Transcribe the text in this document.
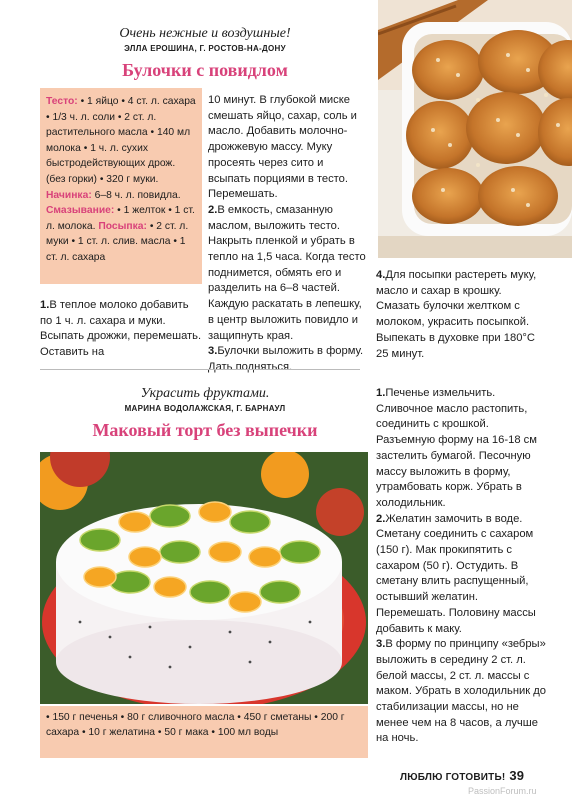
Очень нежные и воздушные!
ЭЛЛА ЕРОШИНА, Г. РОСТОВ-НА-ДОНУ
Булочки с повидлом
Тесто: • 1 яйцо • 4 ст. л. сахара • 1/3 ч. л. соли • 2 ст. л. растительного масла • 140 мл молока • 1 ч. л. сухих быстродействующих дрож. (без горки) • 320 г муки. Начинка: 6–8 ч. л. повидла. Смазывание: • 1 желток • 1 ст. л. молока. Посыпка: • 2 ст. л. муки • 1 ст. л. слив. масла • 1 ст. л. сахара
1.В теплое молоко добавить по 1 ч. л. сахара и муки. Всыпать дрожжи, перемешать. Оставить на
10 минут. В глубокой миске смешать яйцо, сахар, соль и масло. Добавить молочно-дрожжевую массу. Муку просеять через сито и всыпать порциями в тесто. Перемешать.
2.В емкость, смазанную маслом, выложить тесто. Накрыть пленкой и убрать в тепло на 1,5 часа. Когда тесто поднимется, обмять его и разделить на 6–8 частей. Каждую раскатать в лепешку, в центр выложить повидло и защипнуть края.
3.Булочки выложить в форму. Дать подняться.
4.Для посыпки растереть муку, масло и сахар в крошку. Смазать булочки желтком с молоком, украсить посыпкой. Выпекать в духовке при 180°С 25 минут.
Украсить фруктами.
МАРИНА ВОДОЛАЖСКАЯ, Г. БАРНАУЛ
Маковый торт без выпечки
• 150 г печенья • 80 г сливочного масла • 450 г сметаны • 200 г сахара • 10 г желатина • 50 г мака • 100 мл воды
1.Печенье измельчить. Сливочное масло растопить, соединить с крошкой. Разъемную форму на 16-18 см застелить бумагой. Песочную массу выложить в форму, утрамбовать корж. Убрать в холодильник.
2.Желатин замочить в воде. Сметану соединить с сахаром (150 г). Мак прокипятить с сахаром (50 г). Остудить. В сметану влить распущенный, остывший желатин. Перемешать. Половину массы добавить к маку.
3.В форму по принципу «зебры» выложить в середину 2 ст. л. белой массы, 2 ст. л. массы с маком. Убрать в холодильник до стабилизации массы, но не менее чем на 8 часов, а лучше на ночь.
ЛЮБЛЮ ГОТОВИТЬ! 39
PassionForum.ru
